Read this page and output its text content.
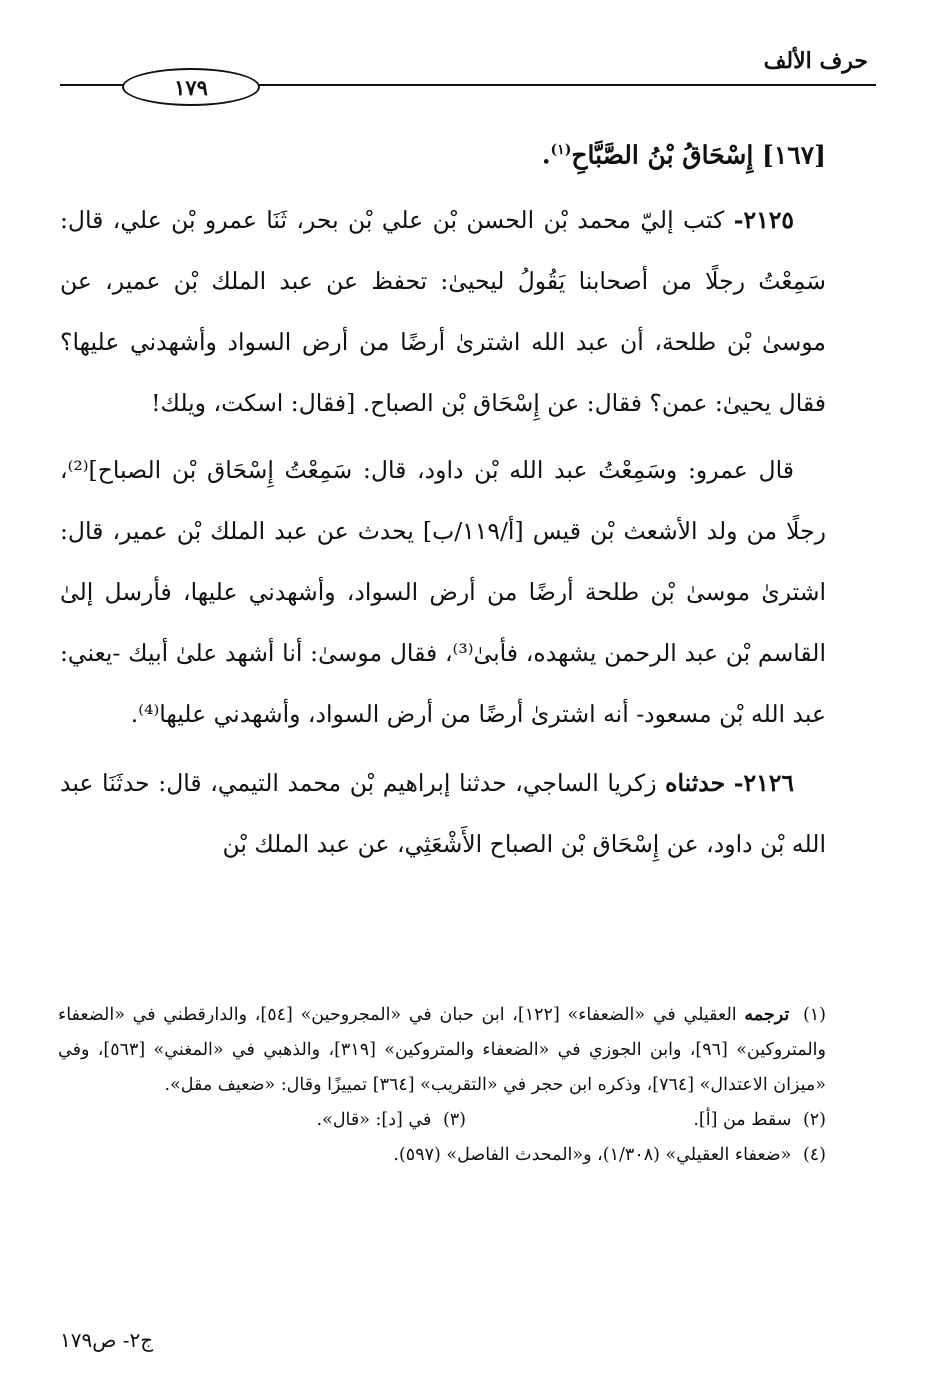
حرف الألف
١٧٩
[١٦٧] إِسْحَاقُ بْنُ الصَّبَّاحِ$^{(١)}$.

٢١٢٥- كتب إليّ محمد بْن الحسن بْن علي بْن بحر، ثَنَا عمرو بْن علي، قال: سَمِعْتُ رجلًا من أصحابنا يَقُولُ ليحيىٰ: تحفظ عن عبد الملك بْن عمير، عن موسىٰ بْن طلحة، أن عبد الله اشترىٰ أرضًا من أرض السواد وأشهدني عليها؟ فقال يحيىٰ: عمن؟ فقال: عن إِسْحَاق بْن الصباح. [فقال: اسكت، ويلك!

قال عمرو: وسَمِعْتُ عبد الله بْن داود، قال: سَمِعْتُ إِسْحَاق بْن الصباح]⁽²⁾، رجلًا من ولد الأشعث بْن قيس [أ/١١٩/ب] يحدث عن عبد الملك بْن عمير، قال: اشترىٰ موسىٰ بْن طلحة أرضًا من أرض السواد، وأشهدني عليها، فأرسل إلىٰ القاسم بْن عبد الرحمن يشهده، فأبىٰ⁽³⁾، فقال موسىٰ: أنا أشهد علىٰ أبيك -يعني: عبد الله بْن مسعود- أنه اشترىٰ أرضًا من أرض السواد، وأشهدني عليها⁽⁴⁾.

٢١٢٦- حدثناه زكريا الساجي، حدثنا إبراهيم بْن محمد التيمي، قال: حدثَنَا عبد الله بْن داود، عن إِسْحَاق بْن الصباح الأَشْعَثِي، عن عبد الملك بْن

(١) ترجمه العقيلي في «الضعفاء» [١٢٢]، ابن حبان في «المجروحين» [٥٤]، والدارقطني في «الضعفاء والمتروكين» [٩٦]، وابن الجوزي في «الضعفاء والمتروكين» [٣١٩]، والذهبي في «المغني» [٥٦٣]، وفي «ميزان الاعتدال» [٧٦٤]، وذكره ابن حجر في «التقريب» [٣٦٤] تمييزًا وقال: «ضعيف مقل».

(٢) سقط من [أ].

(٣) في [د]: «قال».

(٤) «ضعفاء العقيلي» (١/٣٠٨)، و«المحدث الفاصل» (٥٩٧).

ج٢- ص١٧٩
